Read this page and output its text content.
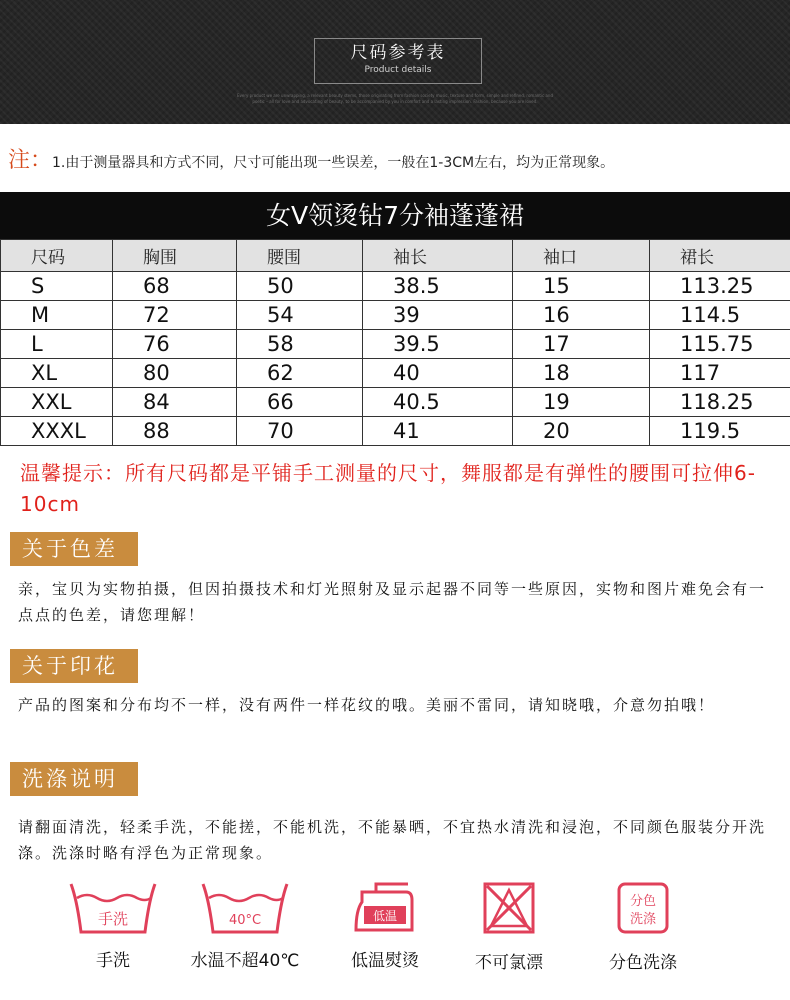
尺码参考表
Product details
Every product we are unwrapping, a relevant beauty stems, those originating from fashion society music, texture and form, simple and refined, romantic and
poetic – all for love and advocating of beauty, to be accompanied by you in comfort and a lasting impression. Fashion, because you are loved.
注：1.由于测量器具和方式不同，尺寸可能出现一些误差，一般在1-3CM左右，均为正常现象。
女V领烫钻7分袖蓬蓬裙
尺码	胸围	腰围	袖长	袖口	裙长
S	68	50	38.5	15	113.25
M	72	54	39	16	114.5
L	76	58	39.5	17	115.75
XL	80	62	40	18	117
XXL	84	66	40.5	19	118.25
XXXL	88	70	41	20	119.5
温馨提示：所有尺码都是平铺手工测量的尺寸，舞服都是有弹性的腰围可拉伸6-10cm
关于色差
亲，宝贝为实物拍摄，但因拍摄技术和灯光照射及显示起器不同等一些原因，实物和图片难免会有一点点的色差，请您理解！
关于印花
产品的图案和分布均不一样，没有两件一样花纹的哦。美丽不雷同，请知晓哦，介意勿拍哦！
洗涤说明
请翻面清洗，轻柔手洗，不能搓，不能机洗，不能暴晒，不宜热水清洗和浸泡，不同颜色服装分开洗涤。洗涤时略有浮色为正常现象。
手洗
手洗
40°C
水温不超40℃
低温
低温熨烫	不可氯漂
分色
洗涤
分色洗涤
